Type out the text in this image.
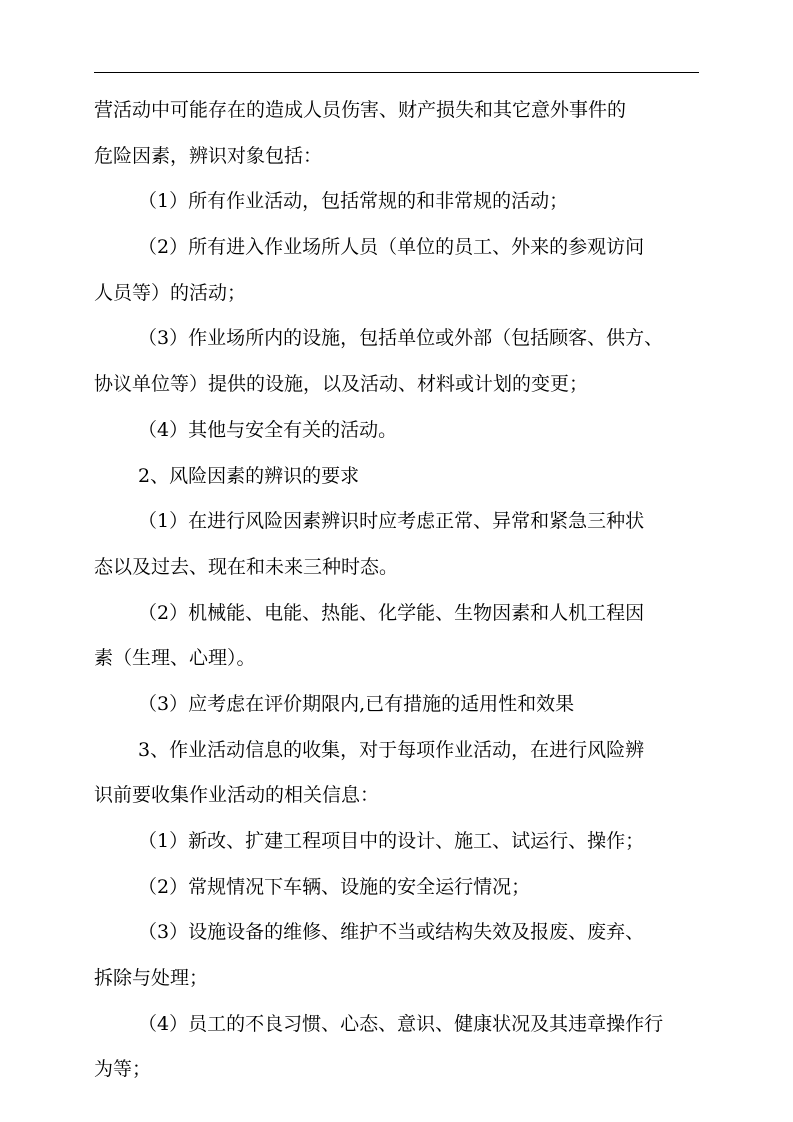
营活动中可能存在的造成人员伤害、财产损失和其它意外事件的
危险因素，辨识对象包括：
（1）所有作业活动，包括常规的和非常规的活动；
（2）所有进入作业场所人员（单位的员工、外来的参观访问
人员等）的活动；
（3）作业场所内的设施，包括单位或外部（包括顾客、供方、
协议单位等）提供的设施，以及活动、材料或计划的变更；
（4）其他与安全有关的活动。
2、风险因素的辨识的要求
（1）在进行风险因素辨识时应考虑正常、异常和紧急三种状
态以及过去、现在和未来三种时态。
（2）机械能、电能、热能、化学能、生物因素和人机工程因
素（生理、心理）。
（3）应考虑在评价期限内,已有措施的适用性和效果
3、作业活动信息的收集，对于每项作业活动，在进行风险辨
识前要收集作业活动的相关信息：
（1）新改、扩建工程项目中的设计、施工、试运行、操作；
（2）常规情况下车辆、设施的安全运行情况；
（3）设施设备的维修、维护不当或结构失效及报废、废弃、
拆除与处理；
（4）员工的不良习惯、心态、意识、健康状况及其违章操作行
为等；
